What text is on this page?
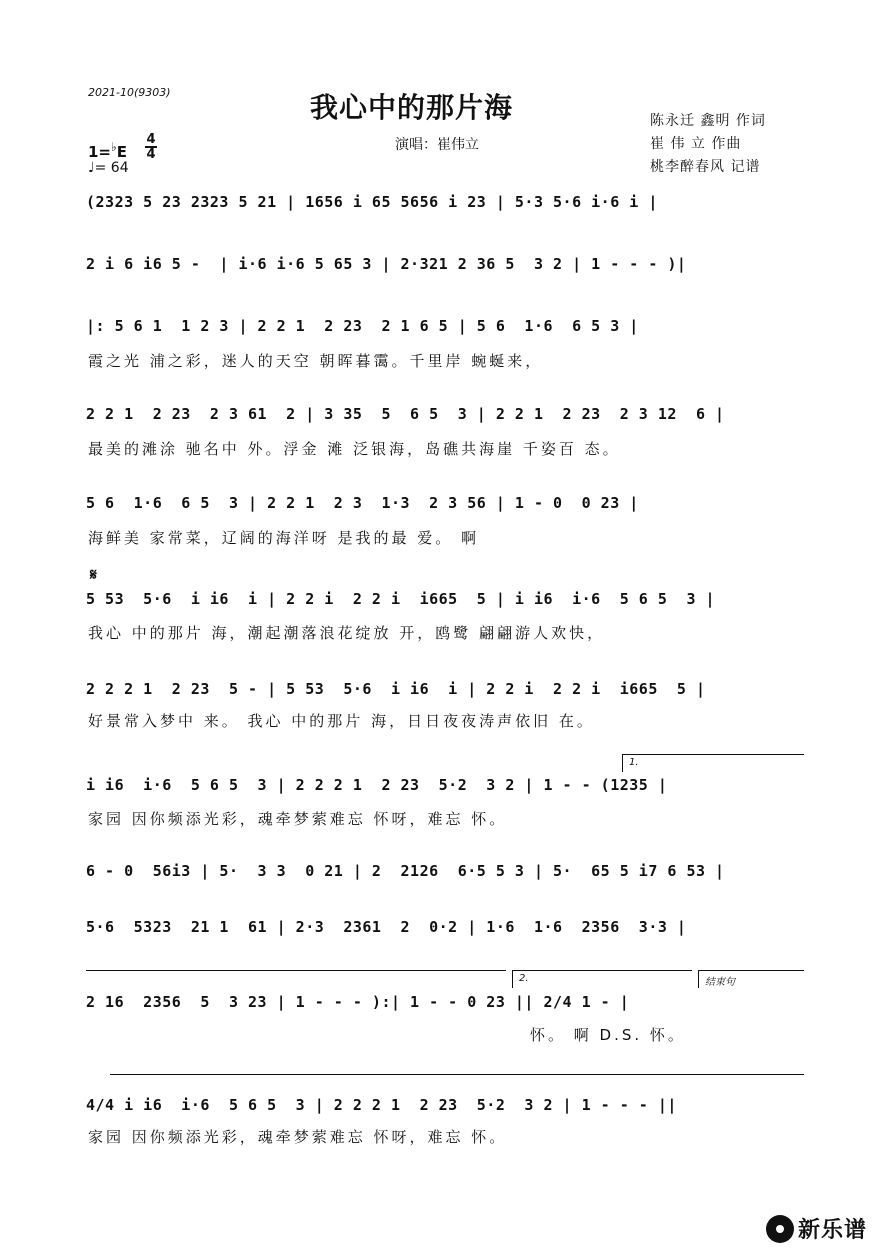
2021-10(9303)	我心中的那片海
演唱：崔伟立
陈永迁 鑫明 作词
崔 伟 立 作曲
桃李醉春风 记谱
1=♭E
4
4
♩= 64
(2323 5 23 2323 5 21 | 1656 i 65 5656 i 23 | 5·3 5·6 i·6 i |
2 i 6 i6 5 -  | i·6 i·6 5 65 3 | 2·321 2 36 5  3 2 | 1 - - - )|
|: 5 6 1  1 2 3 | 2 2 1  2 23  2 1 6 5 | 5 6  1·6  6 5 3 |
霞之光 浦之彩，迷人的天空 朝晖暮霭。千里岸 蜿蜒来，
2 2 1  2 23  2 3 61  2 | 3 35  5  6 5  3 | 2 2 1  2 23  2 3 12  6 |
最美的滩涂 驰名中 外。浮金 滩 泛银海，岛礁共海崖 千姿百 态。
5 6  1·6  6 5  3 | 2 2 1  2 3  1·3  2 3 56 | 1 - 0  0 23 |
海鲜美 家常菜，辽阔的海洋呀 是我的最 爱。 啊
𝄋
5 53  5·6  i i6  i | 2 2 i  2 2 i  i665  5 | i i6  i·6  5 6 5  3 |
我心 中的那片 海，潮起潮落浪花绽放 开，鸥鹭 翩翩游人欢快，
2 2 2 1  2 23  5 - | 5 53  5·6  i i6  i | 2 2 i  2 2 i  i665  5 |
好景常入梦中 来。 我心 中的那片 海，日日夜夜涛声依旧 在。
1.
i i6  i·6  5 6 5  3 | 2 2 2 1  2 23  5·2  3 2 | 1 - - (1235 |
家园 因你频添光彩，魂牵梦萦难忘 怀呀，难忘 怀。
6 - 0  56i3 | 5·  3 3  0 21 | 2  2126  6·5 5 3 | 5·  65 5 i7 6 53 |
5·6  5323  21 1  61 | 2·3  2361  2  0·2 | 1·6  1·6  2356  3·3 |
2.	结束句
2 16  2356  5  3 23 | 1 - - - ):| 1 - - 0 23 || 2/4 1 - |
怀。 啊 D.S. 怀。
4/4 i i6  i·6  5 6 5  3 | 2 2 2 1  2 23  5·2  3 2 | 1 - - - ||
家园 因你频添光彩，魂牵梦萦难忘 怀呀，难忘 怀。
新乐谱
